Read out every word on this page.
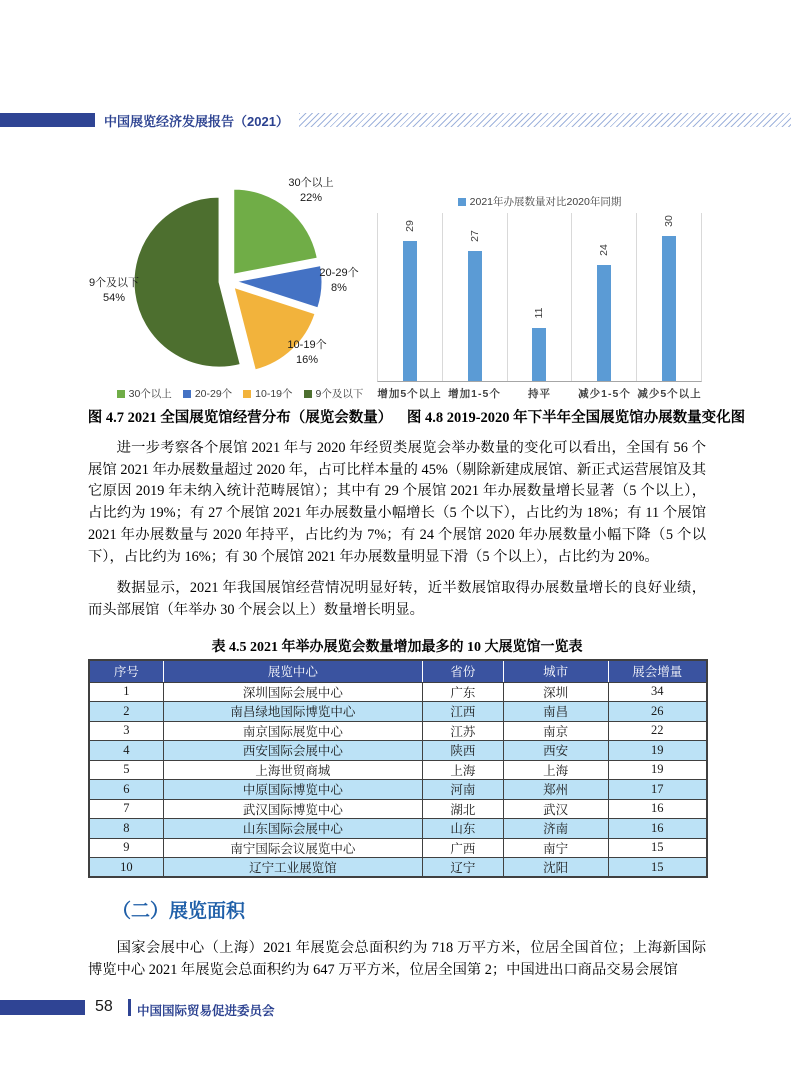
中国展览经济发展报告（2021）
30个以上
22%
20-29个
8%
10-19个
16%
9个及以下
54%
30个以上 20-29个 10-19个 9个及以下
图 4.7 2021 全国展览馆经营分布（展览会数量）
2021年办展数量对比2020年同期
29
27
11
24
30
增加5个以上 增加1-5个	持平	减少1-5个 减少5个以上
图 4.8 2019-2020 年下半年全国展览馆办展数量变化图

进一步考察各个展馆 2021 年与 2020 年经贸类展览会举办数量的变化可以看出，全国有 56 个展馆 2021 年办展数量超过 2020 年，占可比样本量的 45%（剔除新建成展馆、新正式运营展馆及其它原因 2019 年未纳入统计范畴展馆）；其中有 29 个展馆 2021 年办展数量增长显著（5 个以上），占比约为 19%；有 27 个展馆 2021 年办展数量小幅增长（5 个以下），占比约为 18%；有 11 个展馆 2021 年办展数量与 2020 年持平，占比约为 7%；有 24 个展馆 2020 年办展数量小幅下降（5 个以下），占比约为 16%；有 30 个展馆 2021 年办展数量明显下滑（5 个以上），占比约为 20%。

数据显示，2021 年我国展馆经营情况明显好转，近半数展馆取得办展数量增长的良好业绩，而头部展馆（年举办 30 个展会以上）数量增长明显。

表 4.5 2021 年举办展览会数量增加最多的 10 大展览馆一览表
序号	展览中心	省份	城市	展会增量
1	深圳国际会展中心	广东	深圳	34
2	南昌绿地国际博览中心	江西	南昌	26
3	南京国际展览中心	江苏	南京	22
4	西安国际会展中心	陕西	西安	19
5	上海世贸商城	上海	上海	19
6	中原国际博览中心	河南	郑州	17
7	武汉国际博览中心	湖北	武汉	16
8	山东国际会展中心	山东	济南	16
9	南宁国际会议展览中心	广西	南宁	15
10	辽宁工业展览馆	辽宁	沈阳	15
（二）展览面积

国家会展中心（上海）2021 年展览会总面积约为 718 万平方米，位居全国首位；上海新国际博览中心 2021 年展览会总面积约为 647 万平方米，位居全国第 2；中国进出口商品交易会展馆

58 中国国际贸易促进委员会
